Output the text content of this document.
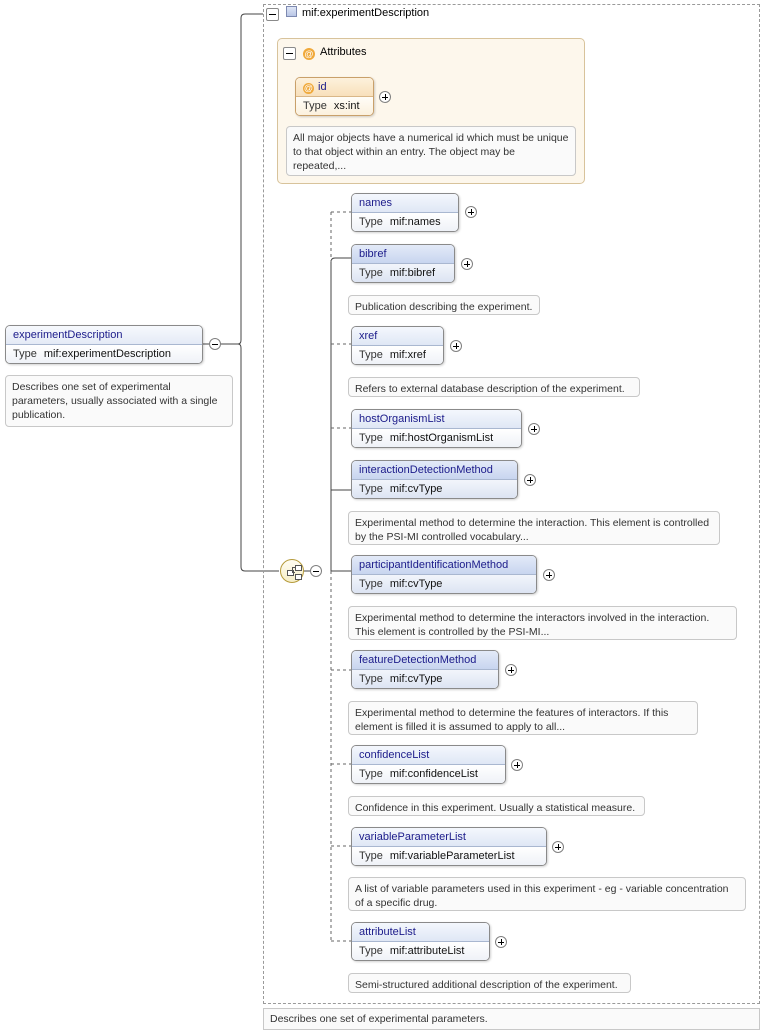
experimentDescription
Type mif:experimentDescription
Describes one set of experimental parameters, usually associated with a single publication.
mif:experimentDescription
@ Attributes
@ id
Type xs:int
All major objects have a numerical id which must be unique to that object within an entry. The object may be repeated,...
names
Type mif:names
bibref
Type mif:bibref
Publication describing the experiment.
xref
Type mif:xref
Refers to external database description of the experiment.
hostOrganismList
Type mif:hostOrganismList
interactionDetectionMethod
Type mif:cvType
Experimental method to determine the interaction. This element is controlled by the PSI-MI controlled vocabulary...
participantIdentificationMethod
Type mif:cvType
Experimental method to determine the interactors involved in the interaction. This element is controlled by the PSI-MI...
featureDetectionMethod
Type mif:cvType
Experimental method to determine the features of interactors. If this element is filled it is assumed to apply to all...
confidenceList
Type mif:confidenceList
Confidence in this experiment. Usually a statistical measure.
variableParameterList
Type mif:variableParameterList
A list of variable parameters used in this experiment - eg - variable concentration of a specific drug.
attributeList
Type mif:attributeList
Semi-structured additional description of the experiment.
Describes one set of experimental parameters.
